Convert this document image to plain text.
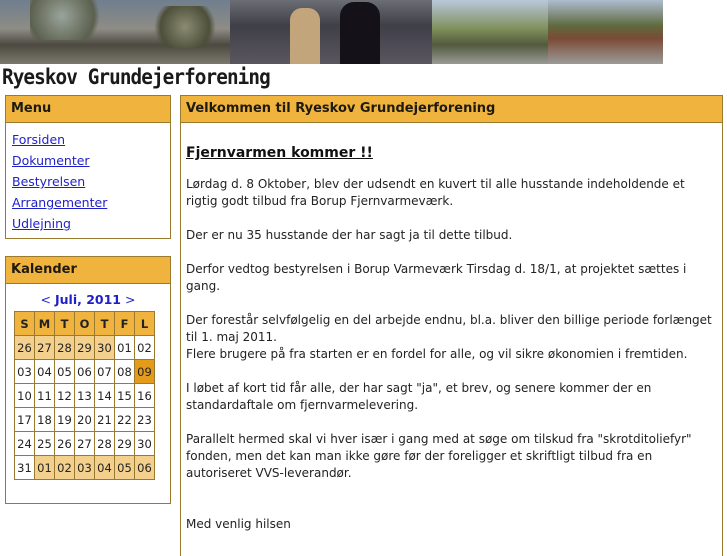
Ryeskov Grundejerforening
Menu
Forsiden
Dokumenter
Bestyrelsen
Arrangementer
Udlejning
Kalender
< Juli, 2011 >
S	M	T	O	T	F	L
26	27	28	29	30	01	02
03	04	05	06	07	08	09
10	11	12	13	14	15	16
17	18	19	20	21	22	23
24	25	26	27	28	29	30
31	01	02	03	04	05	06
Velkommen til Ryeskov Grundejerforening
Fjernvarmen kommer !!

Lørdag d. 8 Oktober, blev der udsendt en kuvert til alle husstande indeholdende et rigtig godt tilbud fra Borup Fjernvarmeværk.

Der er nu 35 husstande der har sagt ja til dette tilbud.

Derfor vedtog bestyrelsen i Borup Varmeværk Tirsdag d. 18/1, at projektet sættes i gang.

Der forestår selvfølgelig en del arbejde endnu, bl.a. bliver den billige periode forlænget til 1. maj 2011.

Flere brugere på fra starten er en fordel for alle, og vil sikre økonomien i fremtiden.

I løbet af kort tid får alle, der har sagt "ja", et brev, og senere kommer der en standardaftale om fjernvarmelevering.

Parallelt hermed skal vi hver især i gang med at søge om tilskud fra "skrotditoliefyr" fonden, men det kan man ikke gøre før der foreligger et skriftligt tilbud fra en autoriseret VVS-leverandør.

Med venlig hilsen
